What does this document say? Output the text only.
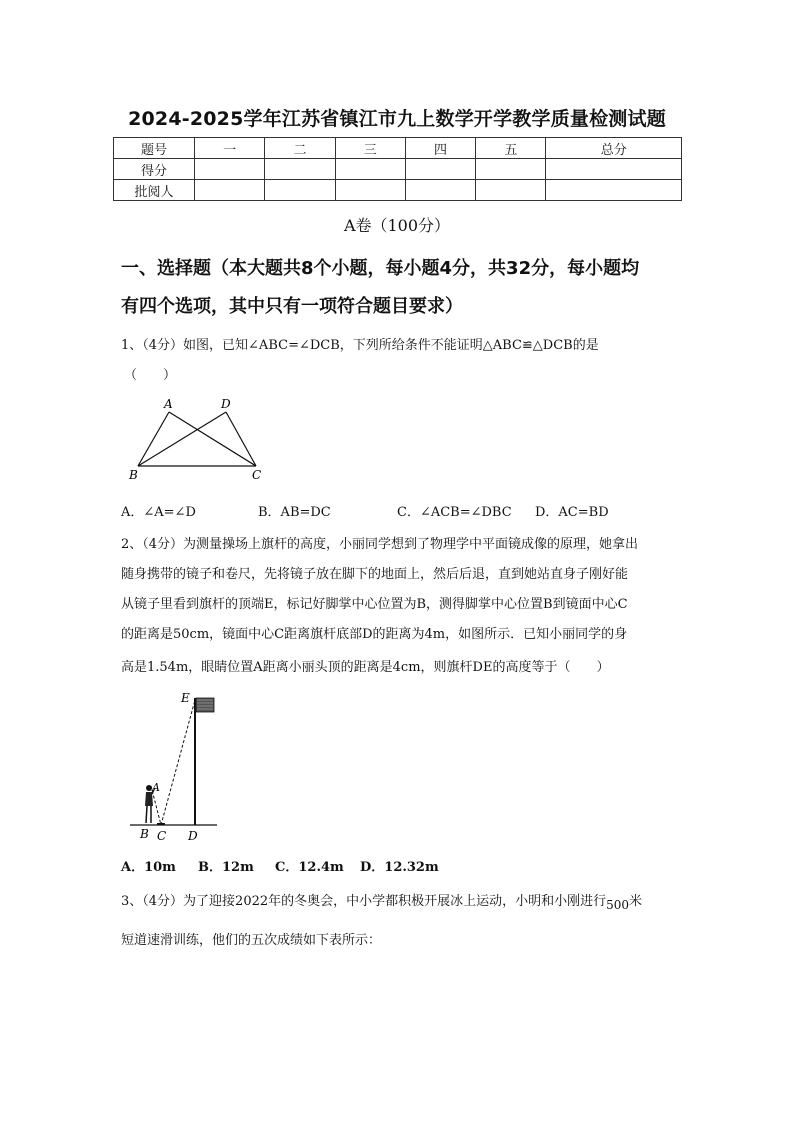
2024-2025学年江苏省镇江市九上数学开学教学质量检测试题
题号	一	二	三	四	五	总分
得分						
批阅人						
A卷（100分）
一、选择题（本大题共8个小题，每小题4分，共32分，每小题均
有四个选项，其中只有一项符合题目要求）
1、（4分）如图，已知∠ABC=∠DCB，下列所给条件不能证明△ABC≌△DCB的是
（　　）
A	D
B	C
A．∠A=∠D	B．AB=DC	C．∠ACB=∠DBC D．AC=BD
2、（4分）为测量操场上旗杆的高度，小丽同学想到了物理学中平面镜成像的原理，她拿出
随身携带的镜子和卷尺，先将镜子放在脚下的地面上，然后后退，直到她站直身子刚好能
从镜子里看到旗杆的顶端E，标记好脚掌中心位置为B，测得脚掌中心位置B到镜面中心C
的距离是50cm，镜面中心C距离旗杆底部D的距离为4m，如图所示．已知小丽同学的身
高是1.54m，眼睛位置A距离小丽头顶的距离是4cm，则旗杆DE的高度等于（　　）
E
A
B C D
A．10m B．12m C．12.4m D．12.32m
3、（4分）为了迎接2022年的冬奥会，中小学都积极开展冰上运动，小明和小刚进行500米
短道速滑训练，他们的五次成绩如下表所示：
